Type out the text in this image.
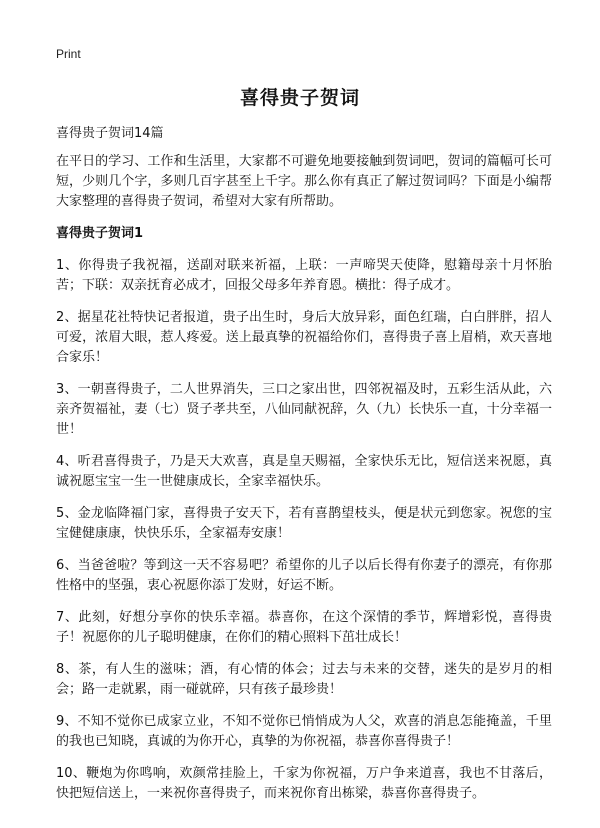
Print
喜得贵子贺词
喜得贵子贺词14篇

在平日的学习、工作和生活里，大家都不可避免地要接触到贺词吧，贺词的篇幅可长可短，少则几个字，多则几百字甚至上千字。那么你有真正了解过贺词吗？下面是小编帮大家整理的喜得贵子贺词，希望对大家有所帮助。

喜得贵子贺词1

1、你得贵子我祝福，送副对联来祈福，上联：一声啼哭天使降，慰籍母亲十月怀胎苦；下联：双亲抚育必成才，回报父母多年养育恩。横批：得子成才。

2、据星花社特快记者报道，贵子出生时，身后大放异彩，面色红瑞，白白胖胖，招人可爱，浓眉大眼，惹人疼爱。送上最真挚的祝福给你们，喜得贵子喜上眉梢，欢天喜地合家乐！

3、一朝喜得贵子，二人世界消失，三口之家出世，四邻祝福及时，五彩生活从此，六亲齐贺福祉，妻（七）贤子孝共至，八仙同献祝辞，久（九）长快乐一直，十分幸福一世！

4、听君喜得贵子，乃是天大欢喜，真是皇天赐福，全家快乐无比，短信送来祝愿，真诚祝愿宝宝一生一世健康成长，全家幸福快乐。

5、金龙临降福门家，喜得贵子安天下，若有喜鹊望枝头，便是状元到您家。祝您的宝宝健健康康，快快乐乐，全家福寿安康！

6、当爸爸啦？等到这一天不容易吧？希望你的儿子以后长得有你妻子的漂亮，有你那性格中的坚强，衷心祝愿你添丁发财，好运不断。

7、此刻，好想分享你的快乐幸福。恭喜你，在这个深情的季节，辉增彩悦，喜得贵子！祝愿你的儿子聪明健康，在你们的精心照料下茁壮成长！

8、茶，有人生的滋味；酒，有心情的体会；过去与未来的交替，迷失的是岁月的相会；路一走就累，雨一碰就碎，只有孩子最珍贵！

9、不知不觉你已成家立业，不知不觉你已悄悄成为人父，欢喜的消息怎能掩盖，千里的我也已知晓，真诚的为你开心，真挚的为你祝福，恭喜你喜得贵子！

10、鞭炮为你鸣响，欢颜常挂脸上，千家为你祝福，万户争来道喜，我也不甘落后，快把短信送上，一来祝你喜得贵子，而来祝你育出栋梁，恭喜你喜得贵子。
